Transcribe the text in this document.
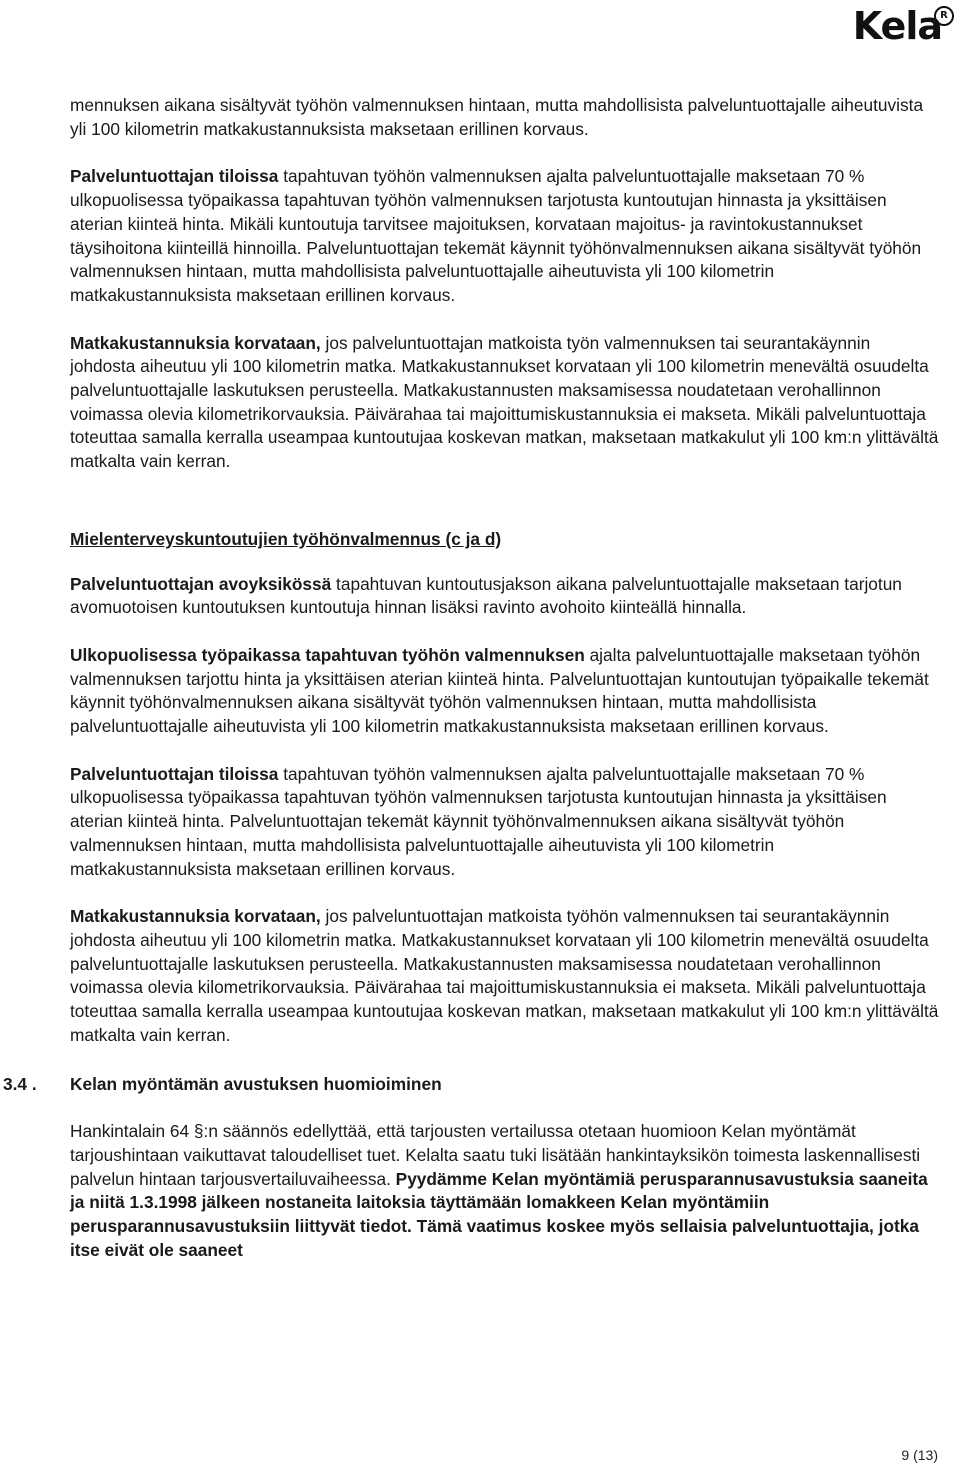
Kela
R

mennuksen aikana sisältyvät työhön valmennuksen hintaan, mutta mahdollisista palveluntuottajalle aiheutuvista yli 100 kilometrin matkakustannuksista maksetaan erillinen korvaus.

Palveluntuottajan tiloissa tapahtuvan työhön valmennuksen ajalta palveluntuottajalle maksetaan 70 % ulkopuolisessa työpaikassa tapahtuvan työhön valmennuksen tarjotusta kuntoutujan hinnasta ja yksittäisen aterian kiinteä hinta. Mikäli kuntoutuja tarvitsee majoituksen, korvataan majoitus- ja ravintokustannukset täysihoitona kiinteillä hinnoilla. Palveluntuottajan tekemät käynnit työhönvalmennuksen aikana sisältyvät työhön valmennuksen hintaan, mutta mahdollisista palveluntuottajalle aiheutuvista yli 100 kilometrin matkakustannuksista maksetaan erillinen korvaus.

Matkakustannuksia korvataan, jos palveluntuottajan matkoista työn valmennuksen tai seurantakäynnin johdosta aiheutuu yli 100 kilometrin matka. Matkakustannukset korvataan yli 100 kilometrin menevältä osuudelta palveluntuottajalle laskutuksen perusteella. Matkakustannusten maksamisessa noudatetaan verohallinnon voimassa olevia kilometrikorvauksia. Päivärahaa tai majoittumiskustannuksia ei makseta. Mikäli palveluntuottaja toteuttaa samalla kerralla useampaa kuntoutujaa koskevan matkan, maksetaan matkakulut yli 100 km:n ylittävältä matkalta vain kerran.

Mielenterveyskuntoutujien työhönvalmennus (c ja d)

Palveluntuottajan avoyksikössä tapahtuvan kuntoutusjakson aikana palveluntuottajalle maksetaan tarjotun avomuotoisen kuntoutuksen kuntoutuja hinnan lisäksi ravinto avohoito kiinteällä hinnalla.

Ulkopuolisessa työpaikassa tapahtuvan työhön valmennuksen ajalta palveluntuottajalle maksetaan työhön valmennuksen tarjottu hinta ja yksittäisen aterian kiinteä hinta. Palveluntuottajan kuntoutujan työpaikalle tekemät käynnit työhönvalmennuksen aikana sisältyvät työhön valmennuksen hintaan, mutta mahdollisista palveluntuottajalle aiheutuvista yli 100 kilometrin matkakustannuksista maksetaan erillinen korvaus.

Palveluntuottajan tiloissa tapahtuvan työhön valmennuksen ajalta palveluntuottajalle maksetaan 70 % ulkopuolisessa työpaikassa tapahtuvan työhön valmennuksen tarjotusta kuntoutujan hinnasta ja yksittäisen aterian kiinteä hinta. Palveluntuottajan tekemät käynnit työhönvalmennuksen aikana sisältyvät työhön valmennuksen hintaan, mutta mahdollisista palveluntuottajalle aiheutuvista yli 100 kilometrin matkakustannuksista maksetaan erillinen korvaus.

Matkakustannuksia korvataan, jos palveluntuottajan matkoista työhön valmennuksen tai seurantakäynnin johdosta aiheutuu yli 100 kilometrin matka. Matkakustannukset korvataan yli 100 kilometrin menevältä osuudelta palveluntuottajalle laskutuksen perusteella. Matkakustannusten maksamisessa noudatetaan verohallinnon voimassa olevia kilometrikorvauksia. Päivärahaa tai majoittumiskustannuksia ei makseta. Mikäli palveluntuottaja toteuttaa samalla kerralla useampaa kuntoutujaa koskevan matkan, maksetaan matkakulut yli 100 km:n ylittävältä matkalta vain kerran.

3.4 . Kelan myöntämän avustuksen huomioiminen

Hankintalain 64 §:n säännös edellyttää, että tarjousten vertailussa otetaan huomioon Kelan myöntämät tarjoushintaan vaikuttavat taloudelliset tuet. Kelalta saatu tuki lisätään hankintayksikön toimesta laskennallisesti palvelun hintaan tarjousvertailuvaiheessa. Pyydämme Kelan myöntämiä perusparannusavustuksia saaneita ja niitä 1.3.1998 jälkeen nostaneita laitoksia täyttämään lomakkeen Kelan myöntämiin perusparannusavustuksiin liittyvät tiedot. Tämä vaatimus koskee myös sellaisia palveluntuottajia, jotka itse eivät ole saaneet

9 (13)
